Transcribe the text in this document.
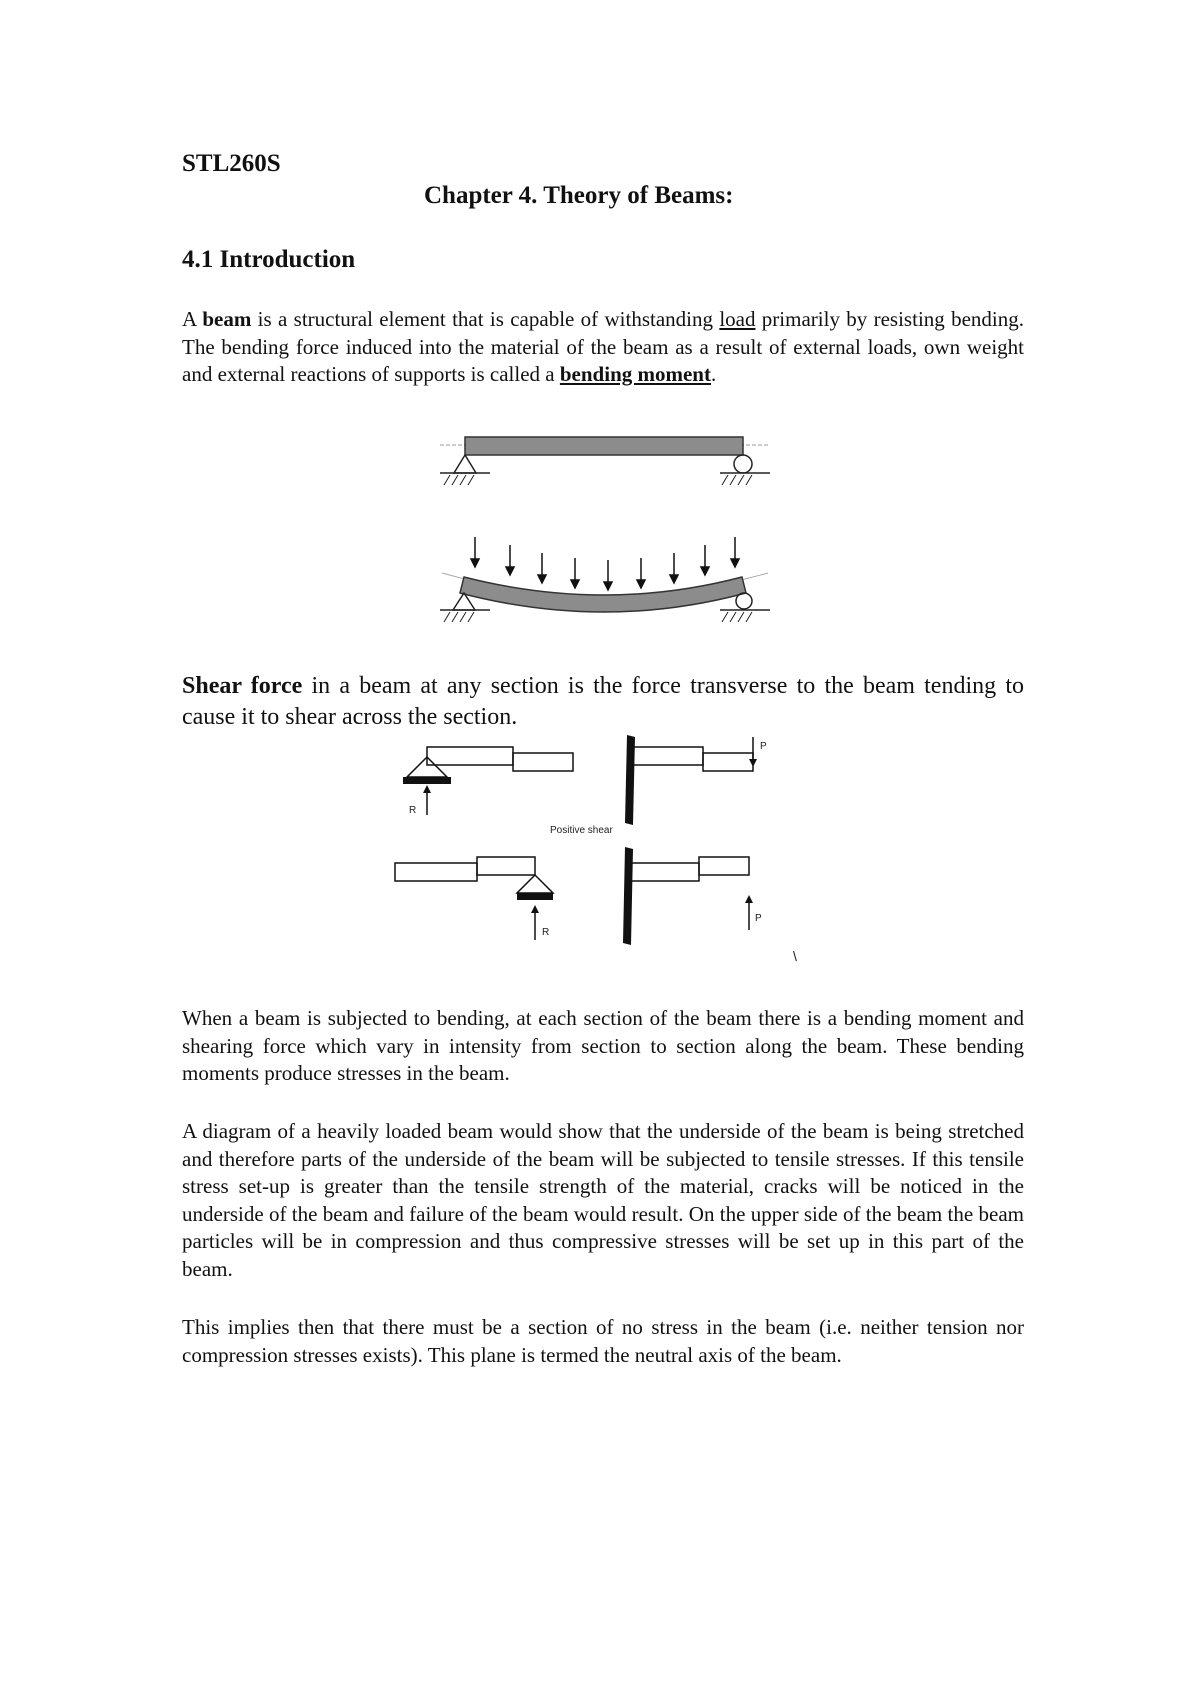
STL260S
Chapter 4. Theory of Beams:
4.1 Introduction

A beam is a structural element that is capable of withstanding load primarily by resisting bending. The bending force induced into the material of the beam as a result of external loads, own weight and external reactions of supports is called a bending moment.

Shear force in a beam at any section is the force transverse to the beam tending to cause it to shear across the section.

R
P
Positive shear
R
P
\

When a beam is subjected to bending, at each section of the beam there is a bending moment and shearing force which vary in intensity from section to section along the beam. These bending moments produce stresses in the beam.

A diagram of a heavily loaded beam would show that the underside of the beam is being stretched and therefore parts of the underside of the beam will be subjected to tensile stresses. If this tensile stress set-up is greater than the tensile strength of the material, cracks will be noticed in the underside of the beam and failure of the beam would result. On the upper side of the beam the beam particles will be in compression and thus compressive stresses will be set up in this part of the beam.

This implies then that there must be a section of no stress in the beam (i.e. neither tension nor compression stresses exists). This plane is termed the neutral axis of the beam.
